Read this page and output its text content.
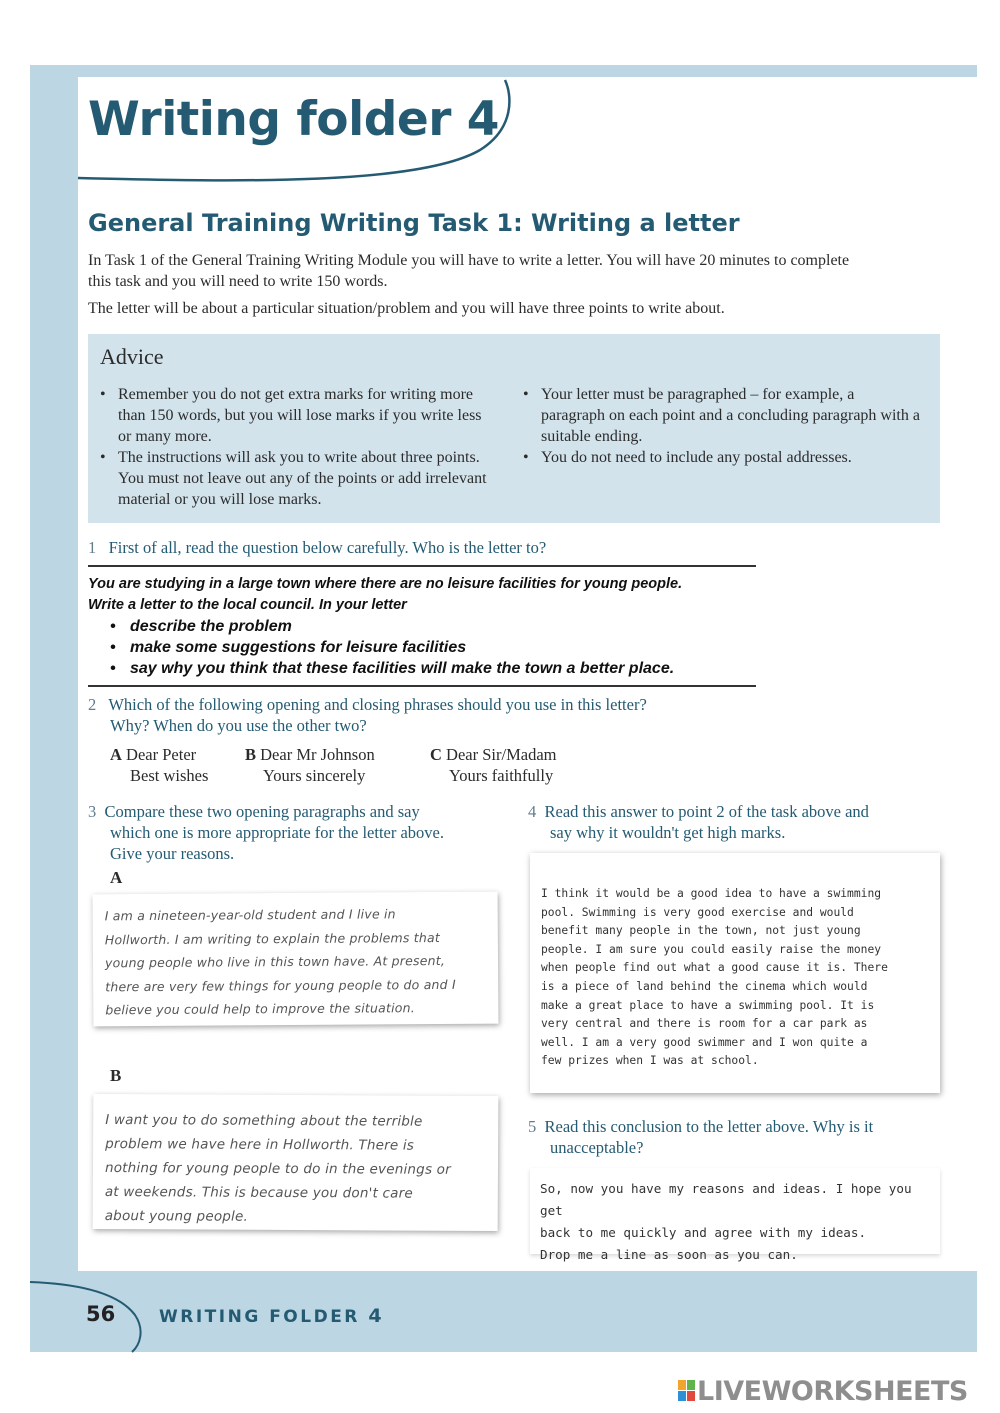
Writing folder 4
General Training Writing Task 1: Writing a letter
In Task 1 of the General Training Writing Module you will have to write a letter. You will have 20 minutes to complete this task and you will need to write 150 words.
The letter will be about a particular situation/problem and you will have three points to write about.
Advice
• Remember you do not get extra marks for writing more than 150 words, but you will lose marks if you write less or many more.
• The instructions will ask you to write about three points. You must not leave out any of the points or add irrelevant material or you will lose marks.
• Your letter must be paragraphed – for example, a paragraph on each point and a concluding paragraph with a suitable ending.
• You do not need to include any postal addresses.
1 First of all, read the question below carefully. Who is the letter to?
You are studying in a large town where there are no leisure facilities for young people.
Write a letter to the local council. In your letter
• describe the problem
• make some suggestions for leisure facilities
• say why you think that these facilities will make the town a better place.
2 Which of the following opening and closing phrases should you use in this letter?
Why? When do you use the other two?
A Dear Peter
Best wishes
B Dear Mr Johnson
Yours sincerely
C Dear Sir/Madam
Yours faithfully
3 Compare these two opening paragraphs and say
which one is more appropriate for the letter above.
Give your reasons.
A
I am a nineteen-year-old student and I live in
Hollworth. I am writing to explain the problems that
young people who live in this town have. At present,
there are very few things for young people to do and I
believe you could help to improve the situation.
B
I want you to do something about the terrible
problem we have here in Hollworth. There is
nothing for young people to do in the evenings or
at weekends. This is because you don't care
about young people.
4 Read this answer to point 2 of the task above and
say why it wouldn't get high marks.
I think it would be a good idea to have a swimming
pool. Swimming is very good exercise and would
benefit many people in the town, not just young
people. I am sure you could easily raise the money
when people find out what a good cause it is. There
is a piece of land behind the cinema which would
make a great place to have a swimming pool. It is
very central and there is room for a car park as
well. I am a very good swimmer and I won quite a
few prizes when I was at school.
5 Read this conclusion to the letter above. Why is it
unacceptable?
So, now you have my reasons and ideas. I hope you get
back to me quickly and agree with my ideas.
Drop me a line as soon as you can.
56	WRITING FOLDER 4
LIVEWORKSHEETS
